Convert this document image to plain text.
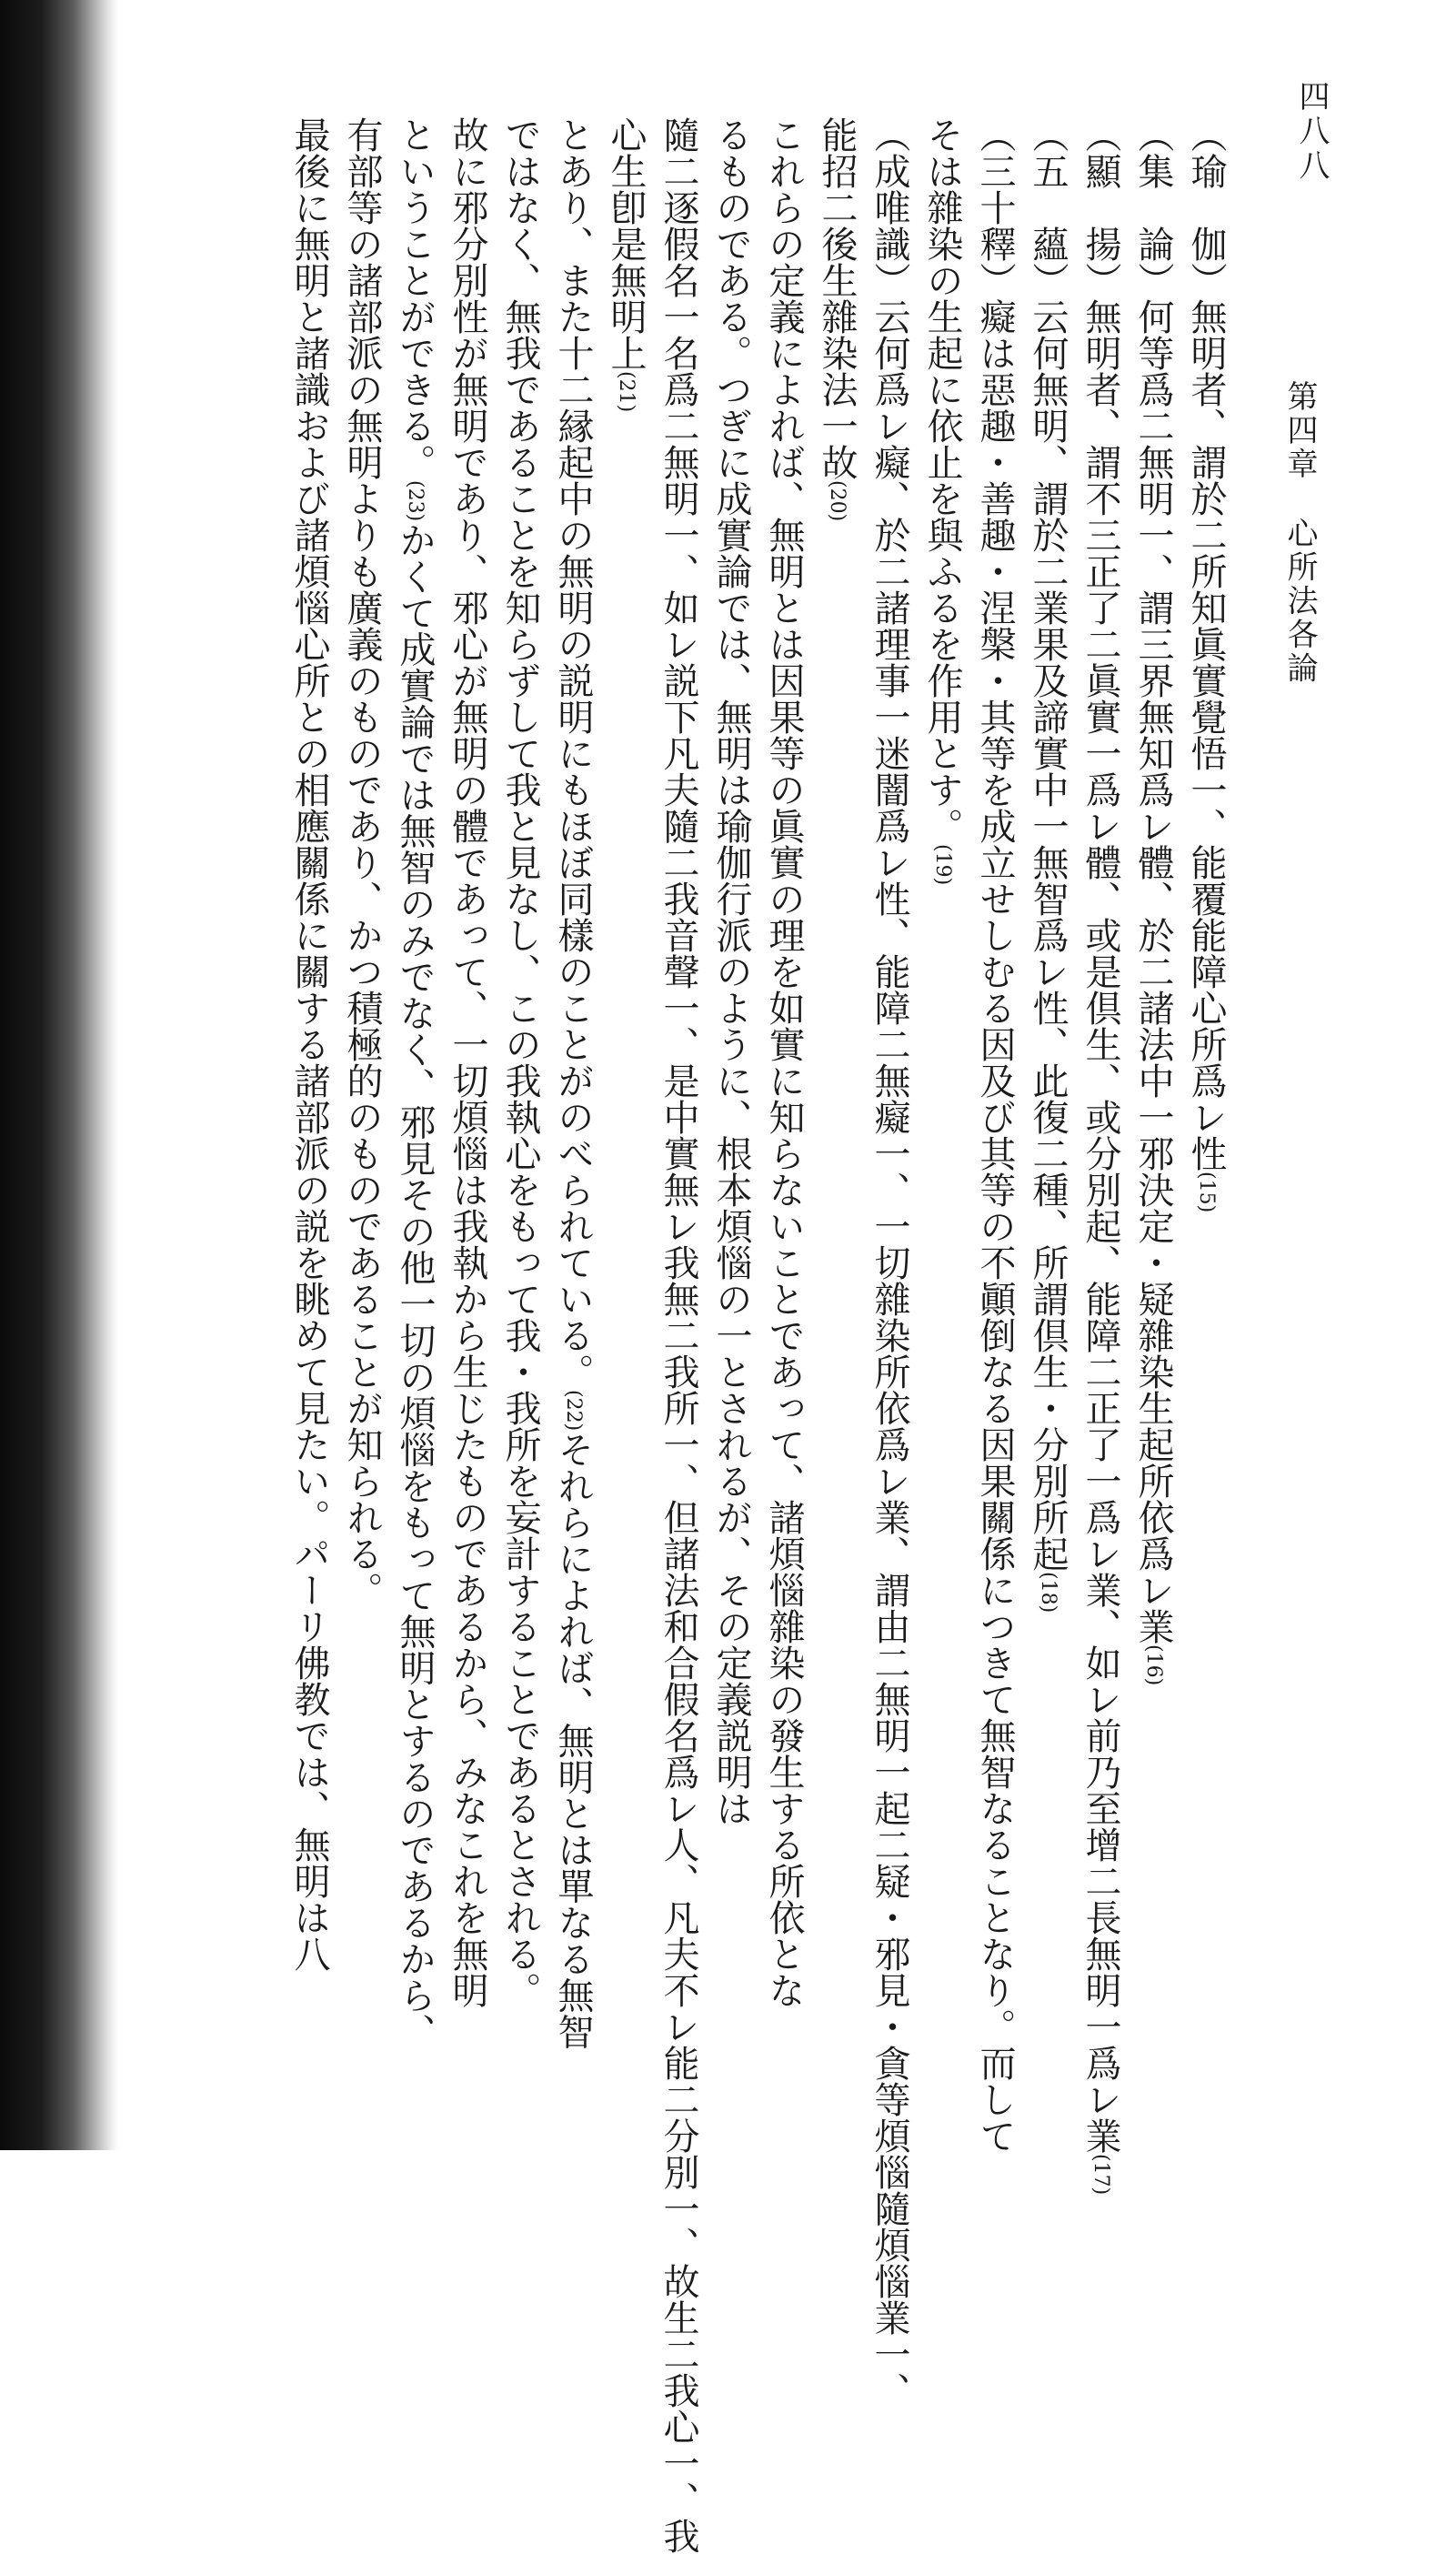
四八八
第四章 心所法各論
（瑜　伽）無明者、謂於二所知眞實覺悟一、能覆能障心所爲レ性(15)
（集　論）何等爲二無明一、謂三界無知爲レ體、於二諸法中一邪決定・疑雜染生起所依爲レ業(16)
（顯　揚）無明者、謂不三正了二眞實一爲レ體、或是倶生、或分別起、能障二正了一爲レ業、如レ前乃至增二長無明一爲レ業(17)
（五　蘊）云何無明、謂於二業果及諦實中一無智爲レ性、此復二種、所謂倶生・分別所起(18)
（三十釋）癡は惡趣・善趣・涅槃・其等を成立せしむる因及び其等の不顚倒なる因果關係につきて無智なることなり。而して
そは雜染の生起に依止を與ふるを作用とす。(19)
（成唯識）云何爲レ癡、於二諸理事一迷闇爲レ性、能障二無癡一、一切雜染所依爲レ業、謂由二無明一起二疑・邪見・貪等煩惱隨煩惱業一、
能招二後生雜染法一故(20)
これらの定義によれば、無明とは因果等の眞實の理を如實に知らないことであって、諸煩惱雜染の發生する所依とな
るものである。つぎに成實論では、無明は瑜伽行派のように、根本煩惱の一とされるが、その定義説明は
隨二逐假名一名爲二無明一、如レ説下凡夫隨二我音聲一、是中實無レ我無二我所一、但諸法和合假名爲レ人、凡夫不レ能二分別一、故生二我心一、我
心生卽是無明上(21)
とあり、また十二縁起中の無明の説明にもほぼ同樣のことがのべられている。(22)それらによれば、無明とは單なる無智
ではなく、無我であることを知らずして我と見なし、この我執心をもって我・我所を妄計することであるとされる。
故に邪分別性が無明であり、邪心が無明の體であって、一切煩惱は我執から生じたものであるから、みなこれを無明
ということができる。(23)かくて成實論では無智のみでなく、邪見その他一切の煩惱をもって無明とするのであるから、
有部等の諸部派の無明よりも廣義のものであり、かつ積極的のものであることが知られる。
最後に無明と諸識および諸煩惱心所との相應關係に關する諸部派の説を眺めて見たい。パーリ佛教では、無明は八
